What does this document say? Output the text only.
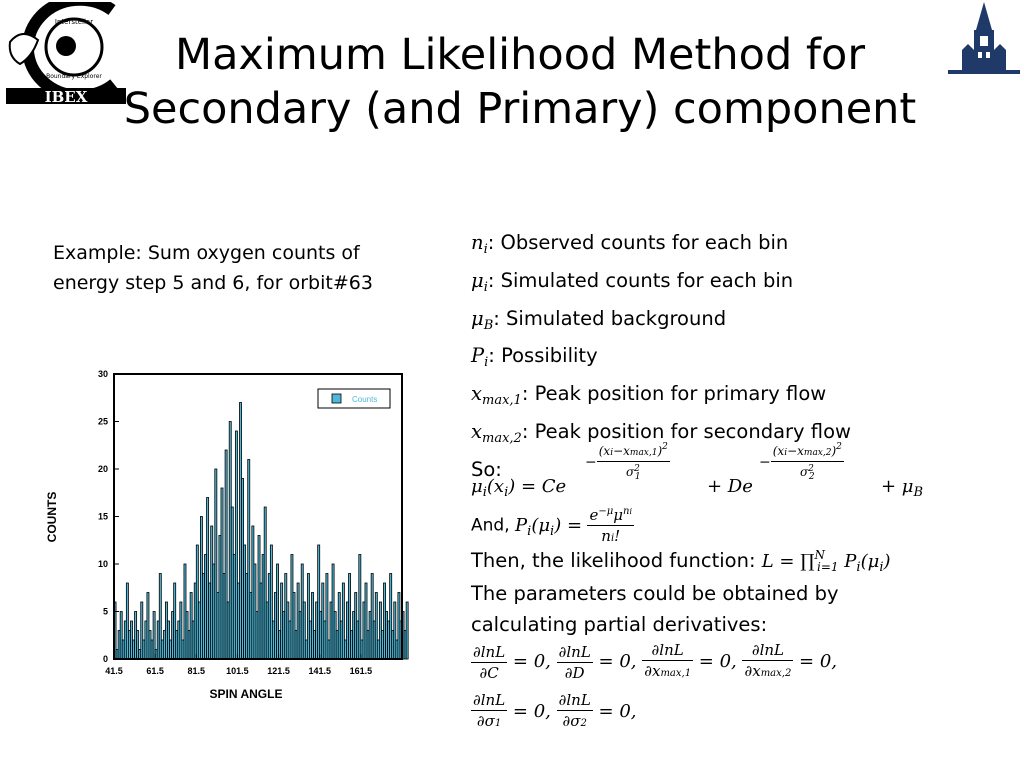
IBEX
Interstellar
Boundary Explorer	Maximum Likelihood Method for
Secondary (and Primary) component
Example: Sum oxygen counts of energy step 5 and 6, for orbit#63
$n_i$: Observed counts for each bin
$\mu_i$: Simulated counts for each bin
$\mu_B$: Simulated background
$P_i$: Possibility
$x_{max,1}$: Peak position for primary flow
$x_{max,2}$: Peak position for secondary flow
So:
$\mu_i(x_i) = Ce$
− $\frac{(xi-xmax,1)^2}{\sigma^2_1}$
+ De
− $\frac{(xi-xmax,2)^2}{\sigma^2_2}$
+ $\mu_B$
And, $P_i(\mu_i) = \frac{e^{-\mu}\mu^{ni}}{ni!}$
Then, the likelihood function: L = ∏$^N_{i=1}$ $P_i(\mu_i)$
The parameters could be obtained by
calculating partial derivatives:
$\frac{\partial\ln L}{\partial C} = 0$, $\frac{\partial\ln L}{\partial D} = 0$, $\frac{\partial\ln L}{\partial xmax,1} = 0$, $\frac{\partial\ln L}{\partial xmax,2} = 0$,
$\frac{\partial\ln L}{\partial\sigma 1} = 0$, $\frac{\partial\ln L}{\partial\sigma 2} = 0$,
COUNTS
SPIN ANGLE
0
5
10
15
20
25
30
41.5	61.5	81.5 101.5 121.5 141.5 161.5
Counts
